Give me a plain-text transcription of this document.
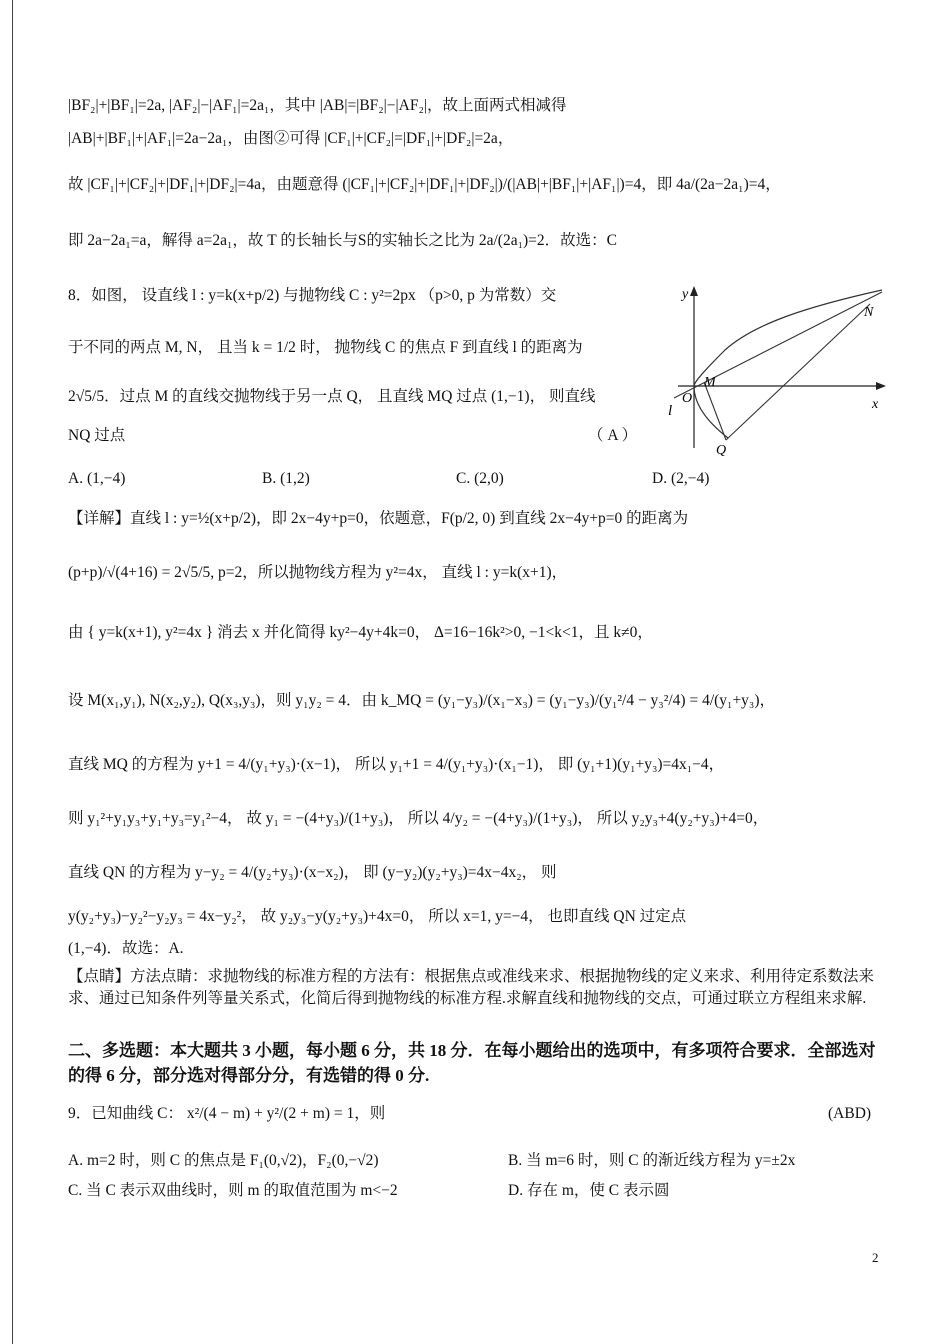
|BF₂|+|BF₁|=2a, |AF₂|−|AF₁|=2a₁，其中 |AB|=|BF₂|−|AF₂|，故上面两式相减得
|AB|+|BF₁|+|AF₁|=2a−2a₁，由图②可得 |CF₁|+|CF₂|=|DF₁|+|DF₂|=2a，
故 |CF₁|+|CF₂|+|DF₁|+|DF₂|=4a，由题意得 (|CF₁|+|CF₂|+|DF₁|+|DF₂|)/(|AB|+|BF₁|+|AF₁|)=4，即 4a/(2a−2a₁)=4，
即 2a−2a₁=a，解得 a=2a₁，故 T 的长轴长与S的实轴长之比为 2a/(2a₁)=2．故选：C
8．如图， 设直线 l : y=k(x+p/2) 与抛物线 C : y²=2px （p>0, p 为常数）交
于不同的两点 M, N， 且当 k = 1/2 时， 抛物线 C 的焦点 F 到直线 l 的距离为
2√5/5．过点 M 的直线交抛物线于另一点 Q， 且直线 MQ 过点 (1,−1)， 则直线
NQ 过点	（ A ）
y
x
O
l
M
N
Q
A. (1,−4)	B. (1,2)	C. (2,0)	D. (2,−4)
【详解】直线 l : y=½(x+p/2)，即 2x−4y+p=0，依题意，F(p/2, 0) 到直线 2x−4y+p=0 的距离为
(p+p)/√(4+16) = 2√5/5, p=2，所以抛物线方程为 y²=4x， 直线 l : y=k(x+1)，
由 { y=k(x+1), y²=4x } 消去 x 并化简得 ky²−4y+4k=0， Δ=16−16k²>0, −1<k<1，且 k≠0，
设 M(x₁,y₁), N(x₂,y₂), Q(x₃,y₃)，则 y₁y₂ = 4．由 k_MQ = (y₁−y₃)/(x₁−x₃) = (y₁−y₃)/(y₁²/4 − y₃²/4) = 4/(y₁+y₃)，
直线 MQ 的方程为 y+1 = 4/(y₁+y₃)·(x−1)， 所以 y₁+1 = 4/(y₁+y₃)·(x₁−1)， 即 (y₁+1)(y₁+y₃)=4x₁−4，
则 y₁²+y₁y₃+y₁+y₃=y₁²−4， 故 y₁ = −(4+y₃)/(1+y₃)， 所以 4/y₂ = −(4+y₃)/(1+y₃)， 所以 y₂y₃+4(y₂+y₃)+4=0，
直线 QN 的方程为 y−y₂ = 4/(y₂+y₃)·(x−x₂)， 即 (y−y₂)(y₂+y₃)=4x−4x₂， 则
y(y₂+y₃)−y₂²−y₂y₃ = 4x−y₂²， 故 y₂y₃−y(y₂+y₃)+4x=0， 所以 x=1, y=−4， 也即直线 QN 过定点
(1,−4)．故选：A.
【点睛】方法点睛：求抛物线的标准方程的方法有：根据焦点或准线来求、根据抛物线的定义来求、利用待定系数法来求、通过已知条件列等量关系式，化简后得到抛物线的标准方程.求解直线和抛物线的交点，可通过联立方程组来求解.
二、多选题：本大题共 3 小题，每小题 6 分，共 18 分．在每小题给出的选项中，有多项符合要求．全部选对的得 6 分，部分选对得部分分，有选错的得 0 分.
9．已知曲线 C： x²/(4 − m) + y²/(2 + m) = 1，则	(ABD)
A. m=2 时，则 C 的焦点是 F₁(0,√2)，F₂(0,−√2)	B. 当 m=6 时，则 C 的渐近线方程为 y=±2x
C. 当 C 表示双曲线时，则 m 的取值范围为 m<−2	D. 存在 m，使 C 表示圆
2
